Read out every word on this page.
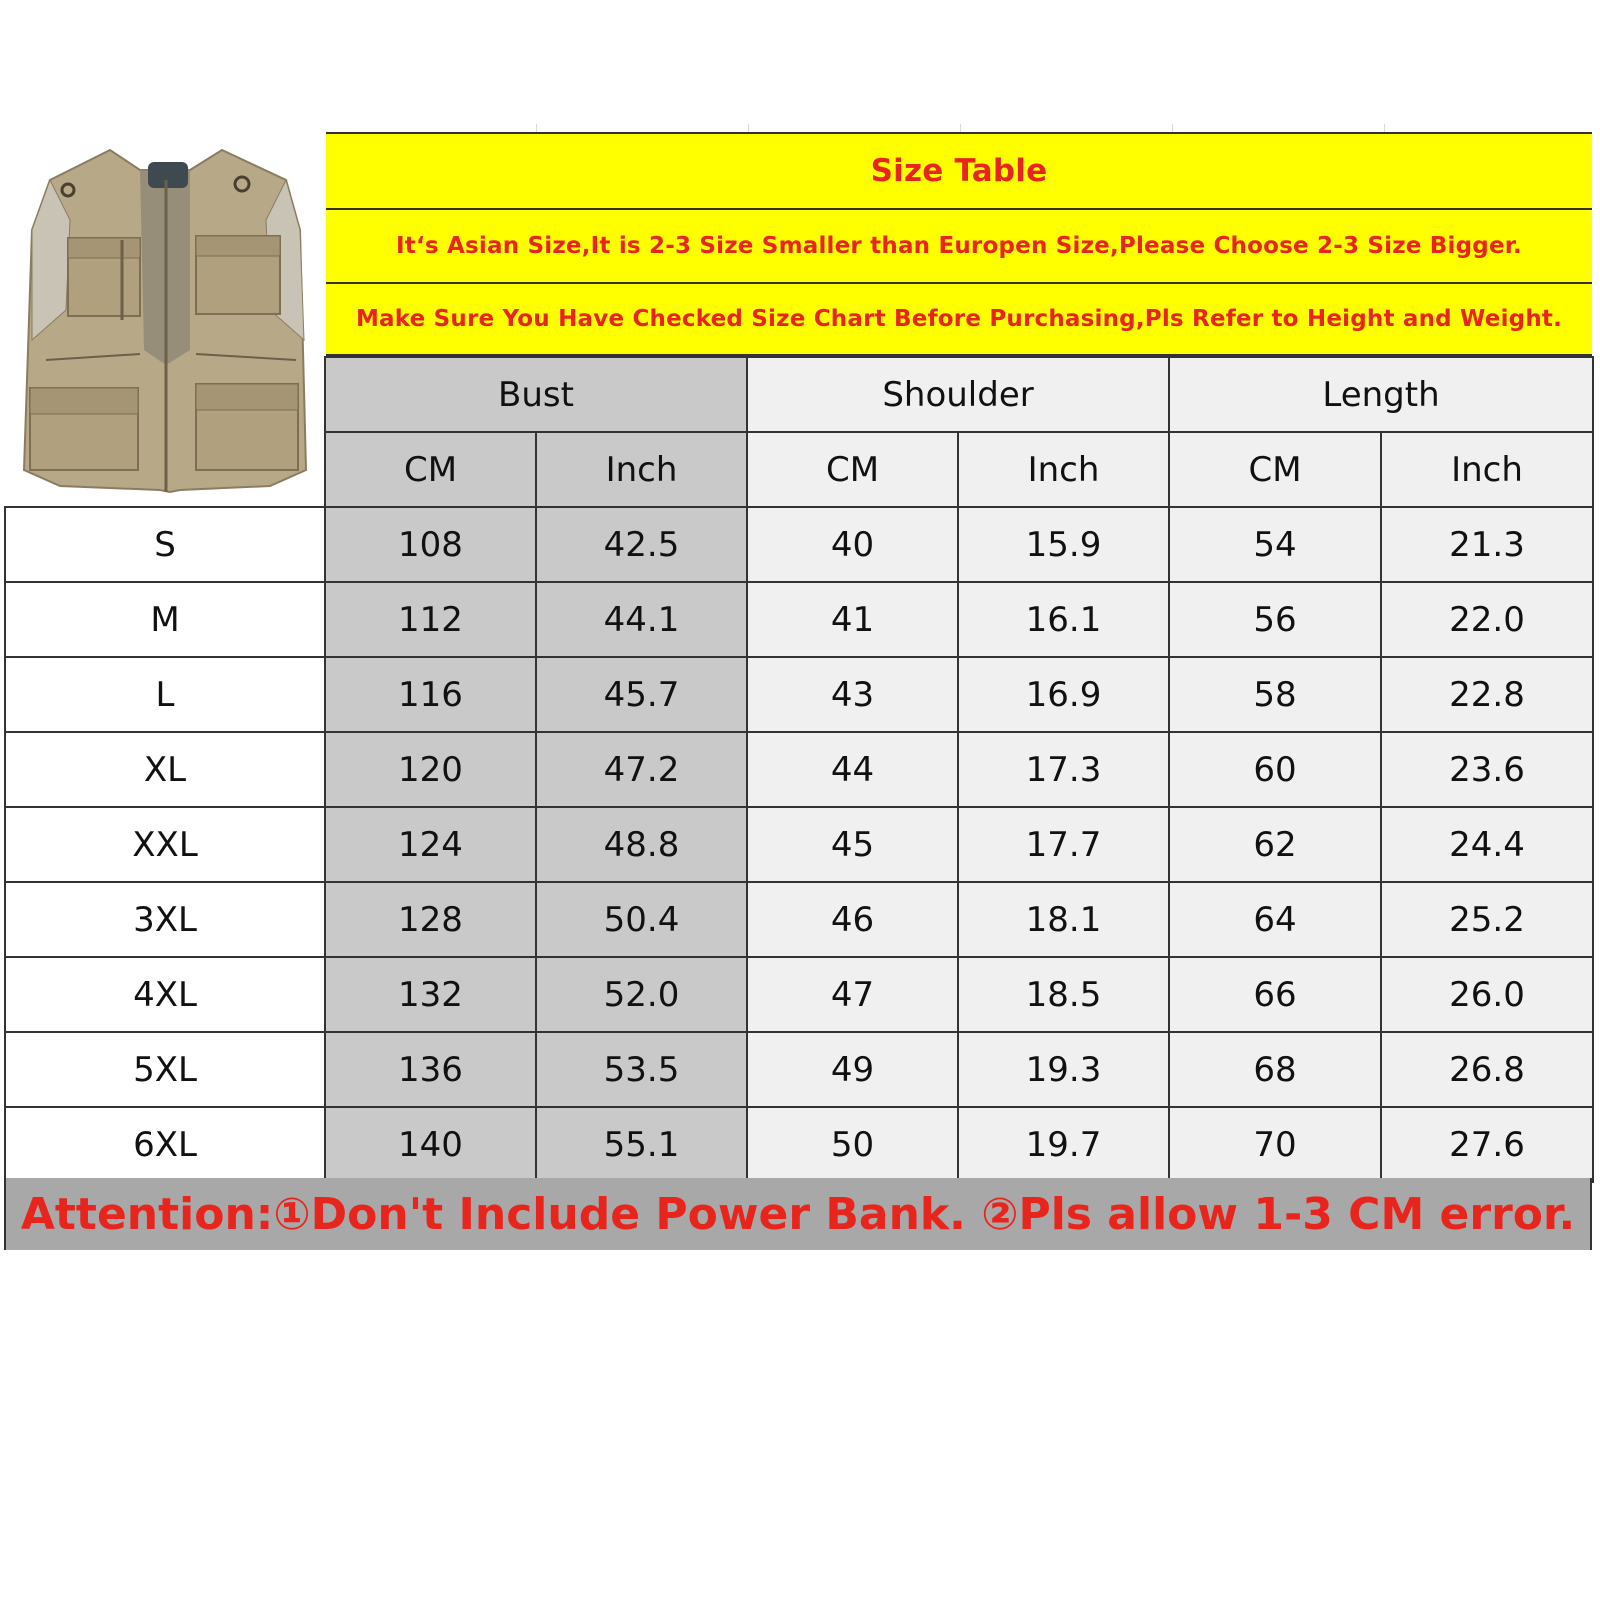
Size Table
It‘s Asian Size,It is 2-3 Size Smaller than Europen Size,Please Choose 2-3 Size Bigger.
Make Sure You Have Checked Size Chart Before Purchasing,Pls Refer to Height and Weight.
	Bust		Shoulder		Length	
	CM	Inch	CM	Inch	CM	Inch
S	108	42.5	40	15.9	54	21.3
M	112	44.1	41	16.1	56	22.0
L	116	45.7	43	16.9	58	22.8
XL	120	47.2	44	17.3	60	23.6
XXL	124	48.8	45	17.7	62	24.4
3XL	128	50.4	46	18.1	64	25.2
4XL	132	52.0	47	18.5	66	26.0
5XL	136	53.5	49	19.3	68	26.8
6XL	140	55.1	50	19.7	70	27.6
Attention:①Don't Include Power Bank. ②Pls allow 1-3 CM error.
